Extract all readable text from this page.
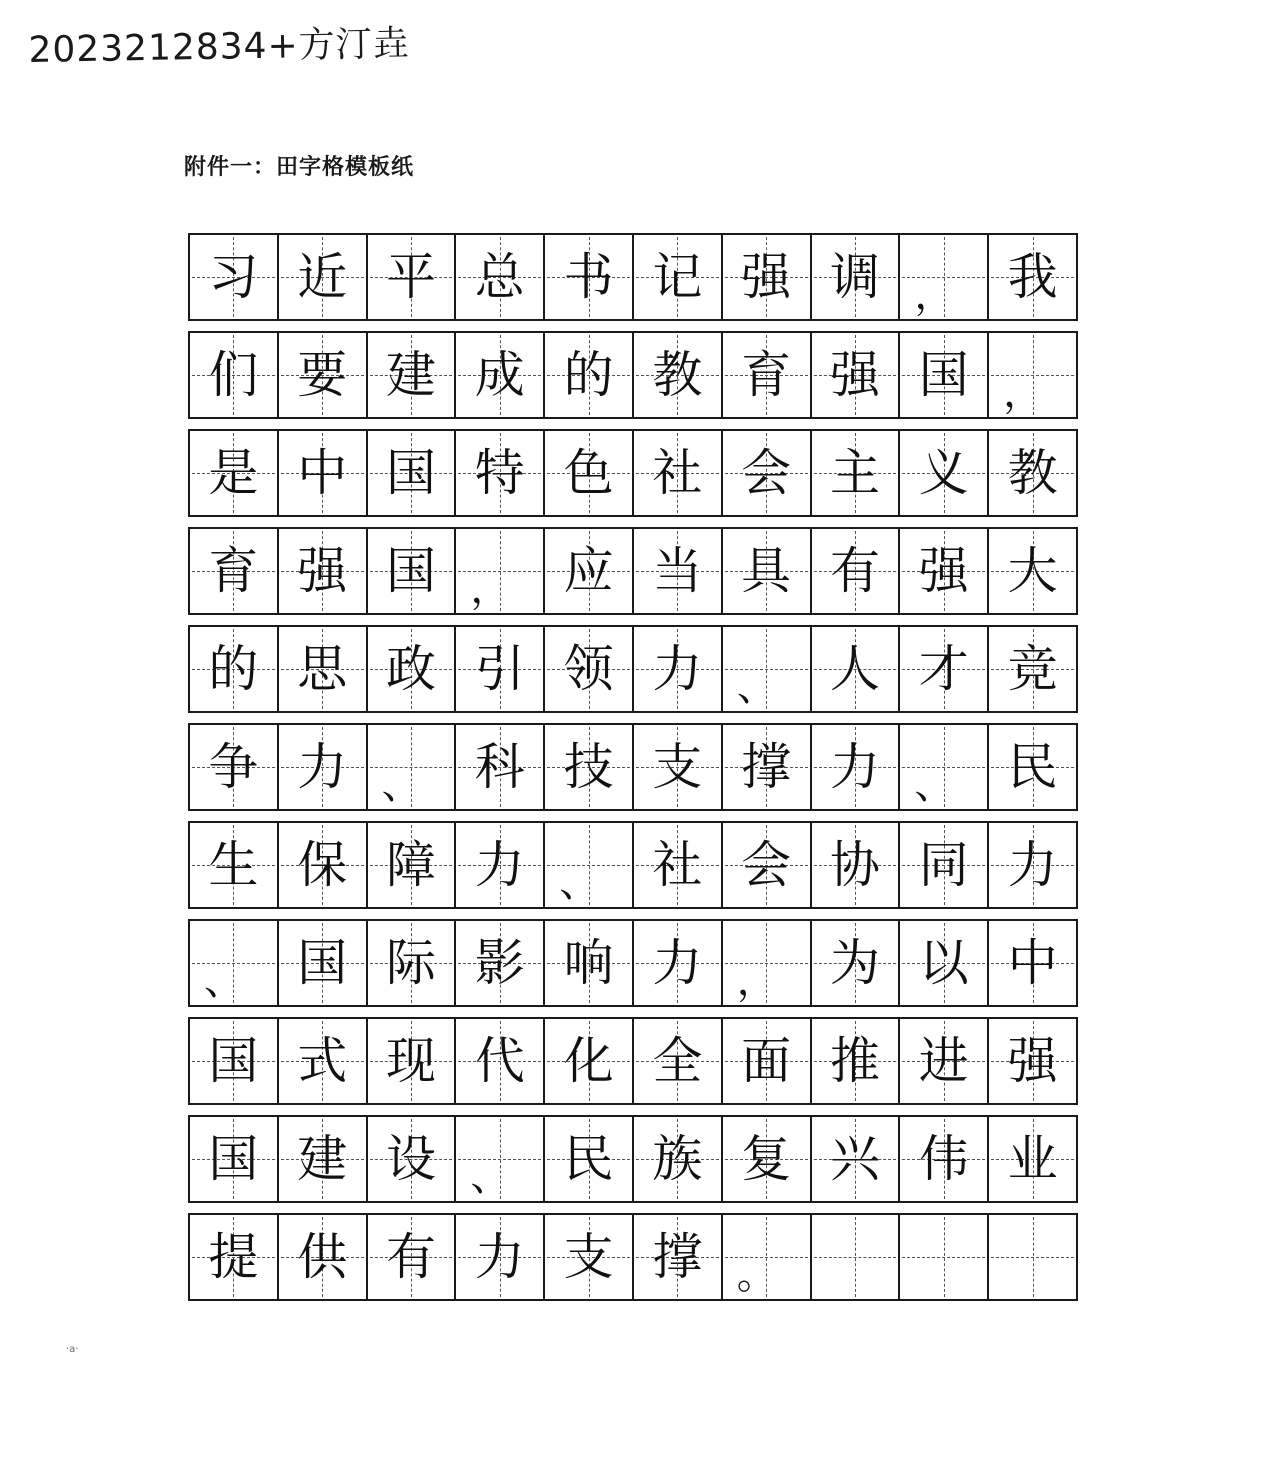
2023212834+方汀垚
附件一：田字格模板纸
习 近 平 总 书 记 强 调 ， 我
们 要 建 成 的 教 育 强 国 ，
是 中 国 特 色 社 会 主 义 教
育 强 国 ， 应 当 具 有 强 大
的 思 政 引 领 力 、 人 才 竞
争 力 、 科 技 支 撑 力 、 民
生 保 障 力 、 社 会 协 同 力
、 国 际 影 响 力 ， 为 以 中
国 式 现 代 化 全 面 推 进 强
国 建 设 、 民 族 复 兴 伟 业
提 供 有 力 支 撑 。
·a·
